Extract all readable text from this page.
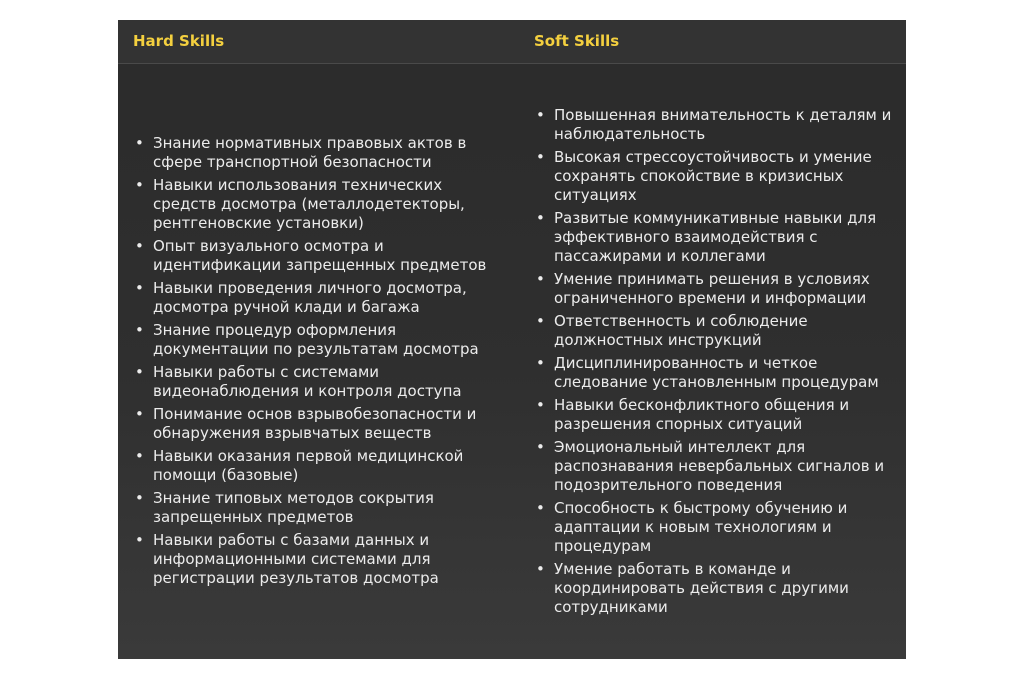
Hard Skills	Soft Skills
• Знание нормативных правовых актов в сфере транспортной безопасности
• Навыки использования технических средств досмотра (металлодетекторы, рентгеновские установки)
• Опыт визуального осмотра и идентификации запрещенных предметов
• Навыки проведения личного досмотра, досмотра ручной клади и багажа
• Знание процедур оформления документации по результатам досмотра
• Навыки работы с системами видеонаблюдения и контроля доступа
• Понимание основ взрывобезопасности и обнаружения взрывчатых веществ
• Навыки оказания первой медицинской помощи (базовые)
• Знание типовых методов сокрытия запрещенных предметов
• Навыки работы с базами данных и информационными системами для регистрации результатов досмотра
• Повышенная внимательность к деталям и наблюдательность
• Высокая стрессоустойчивость и умение сохранять спокойствие в кризисных ситуациях
• Развитые коммуникативные навыки для эффективного взаимодействия с пассажирами и коллегами
• Умение принимать решения в условиях ограниченного времени и информации
• Ответственность и соблюдение должностных инструкций
• Дисциплинированность и четкое следование установленным процедурам
• Навыки бесконфликтного общения и разрешения спорных ситуаций
• Эмоциональный интеллект для распознавания невербальных сигналов и подозрительного поведения
• Способность к быстрому обучению и адаптации к новым технологиям и процедурам
• Умение работать в команде и координировать действия с другими сотрудниками
